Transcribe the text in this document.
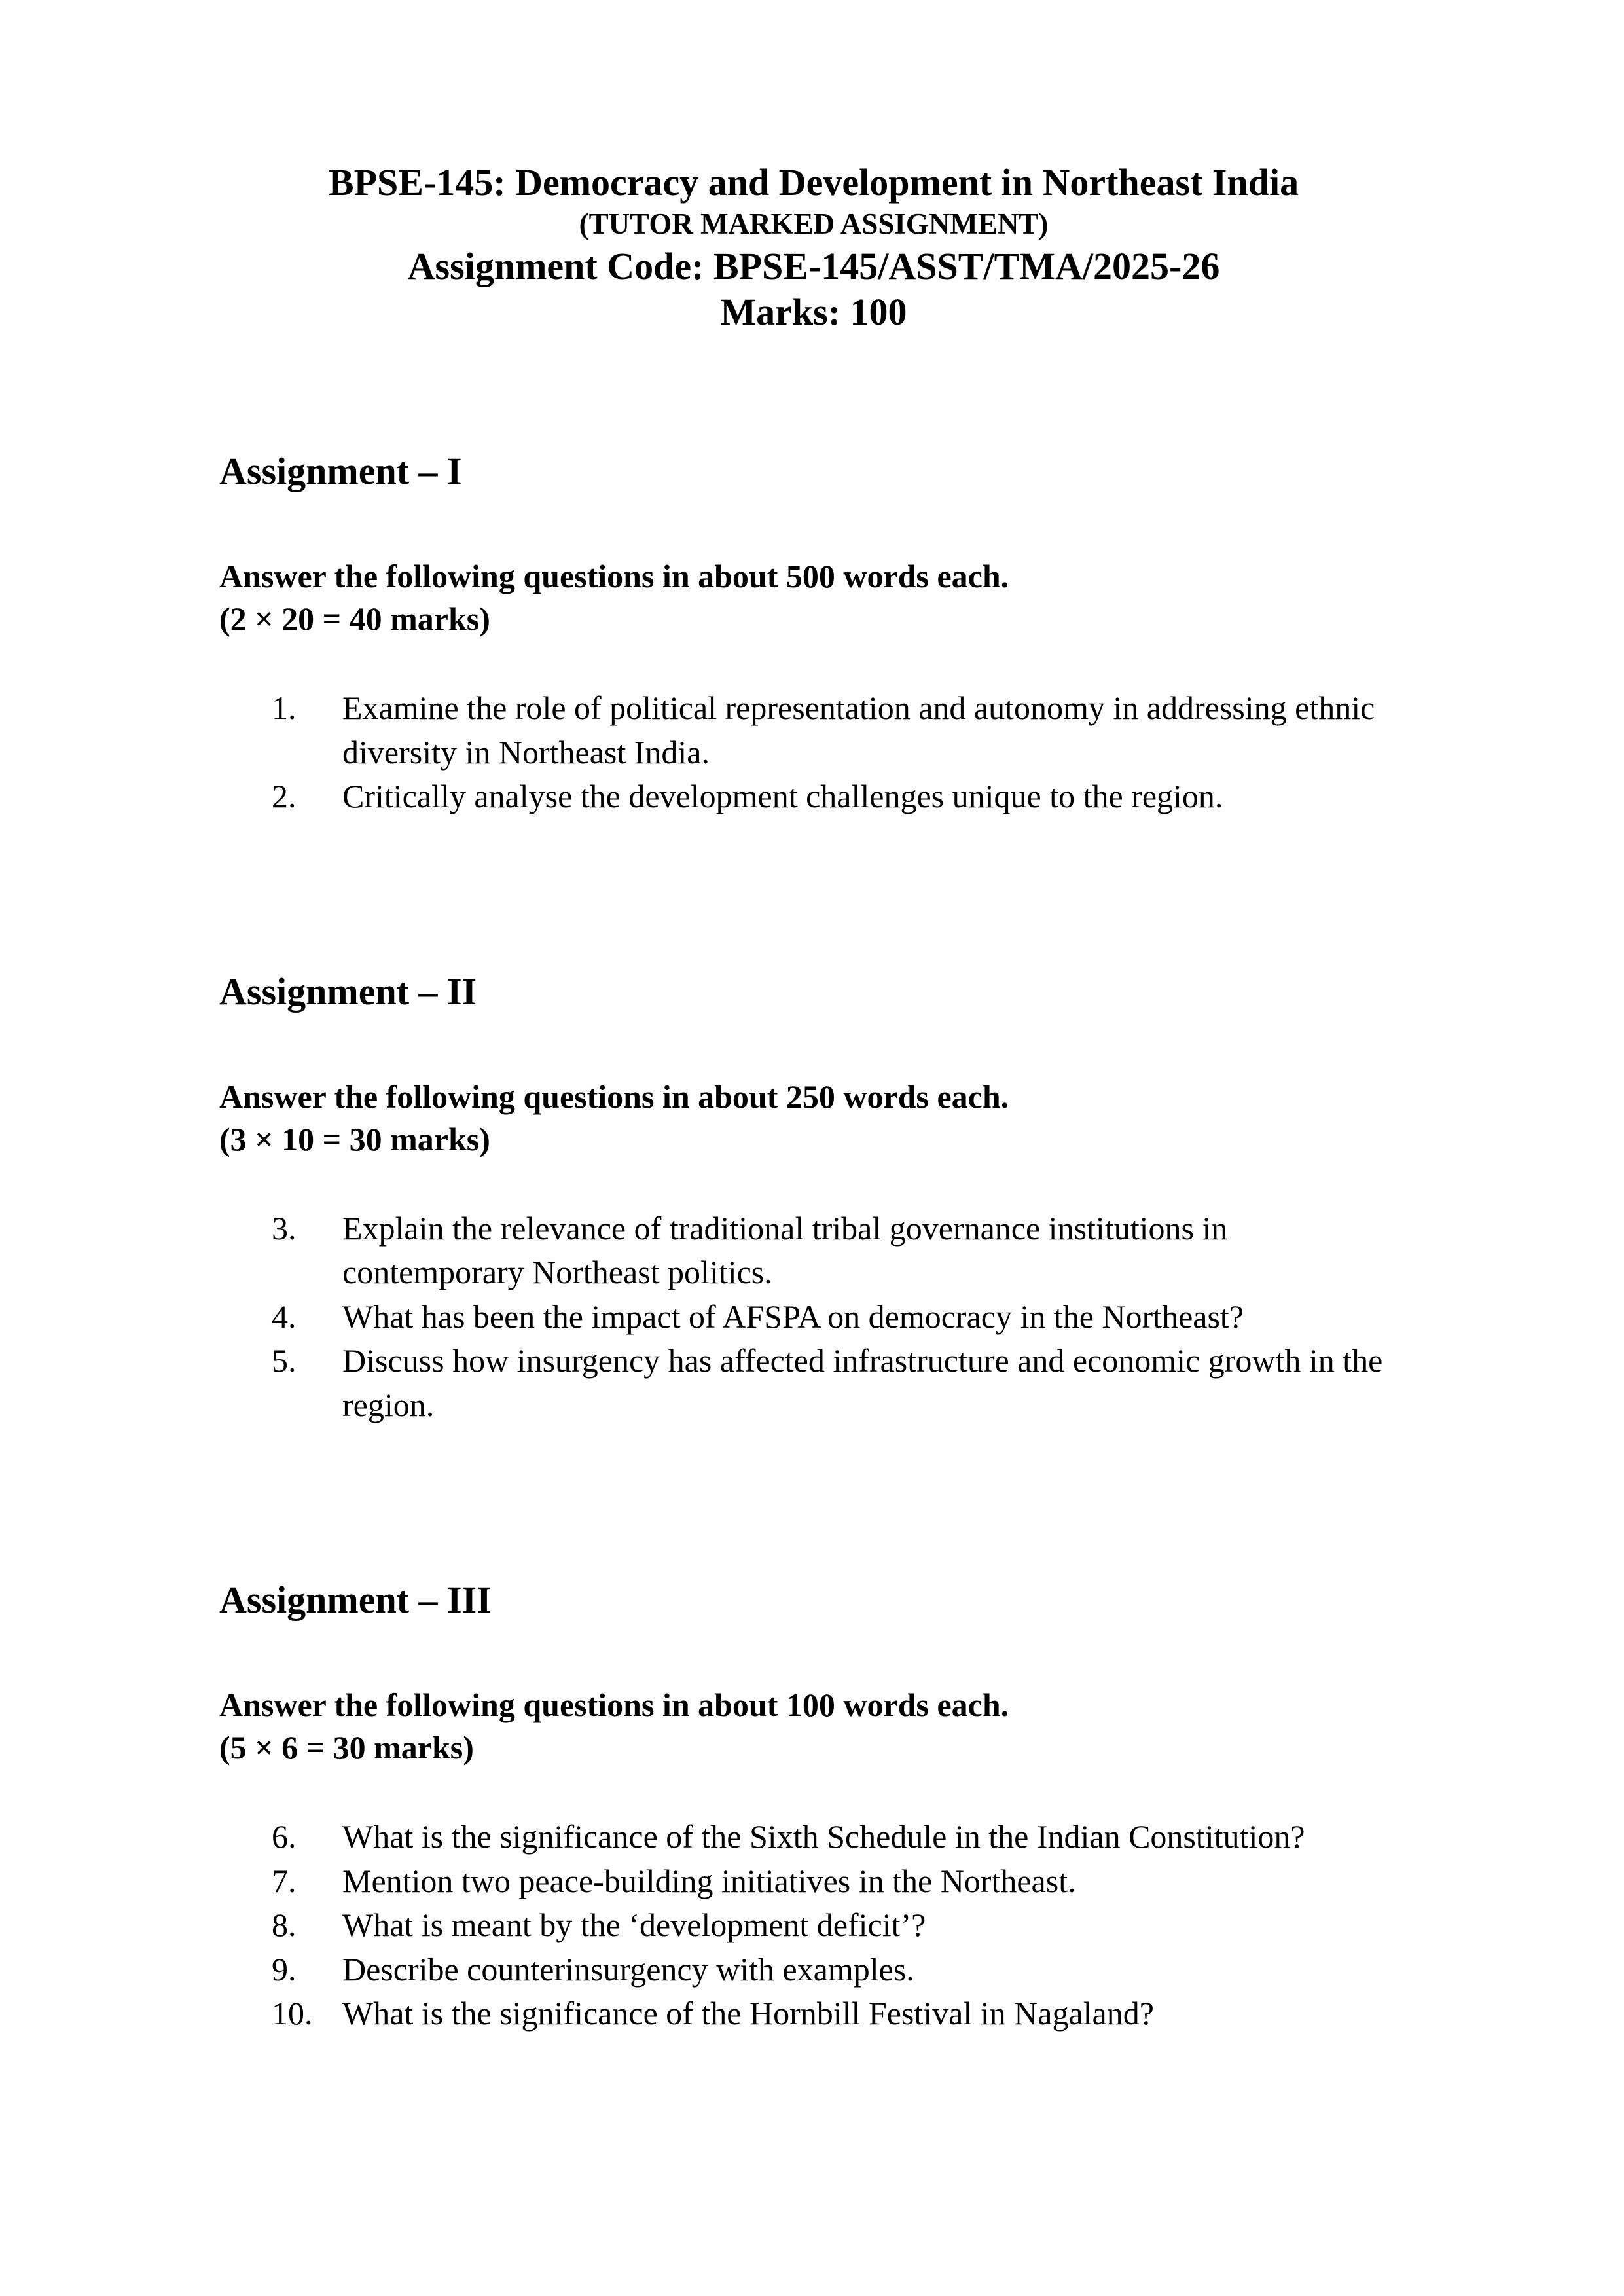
BPSE-145: Democracy and Development in Northeast India
(TUTOR MARKED ASSIGNMENT)
Assignment Code: BPSE-145/ASST/TMA/2025-26
Marks: 100
Assignment – I
Answer the following questions in about 500 words each.
(2 × 20 = 40 marks)
1.	Examine the role of political representation and autonomy in addressing ethnic diversity in Northeast India.
2.	Critically analyse the development challenges unique to the region.
Assignment – II
Answer the following questions in about 250 words each.
(3 × 10 = 30 marks)
3.	Explain the relevance of traditional tribal governance institutions in contemporary Northeast politics.
4.	What has been the impact of AFSPA on democracy in the Northeast?
5.	Discuss how insurgency has affected infrastructure and economic growth in the region.
Assignment – III
Answer the following questions in about 100 words each.
(5 × 6 = 30 marks)
6.	What is the significance of the Sixth Schedule in the Indian Constitution?
7.	Mention two peace-building initiatives in the Northeast.
8.	What is meant by the ‘development deficit’?
9.	Describe counterinsurgency with examples.
10. What is the significance of the Hornbill Festival in Nagaland?
